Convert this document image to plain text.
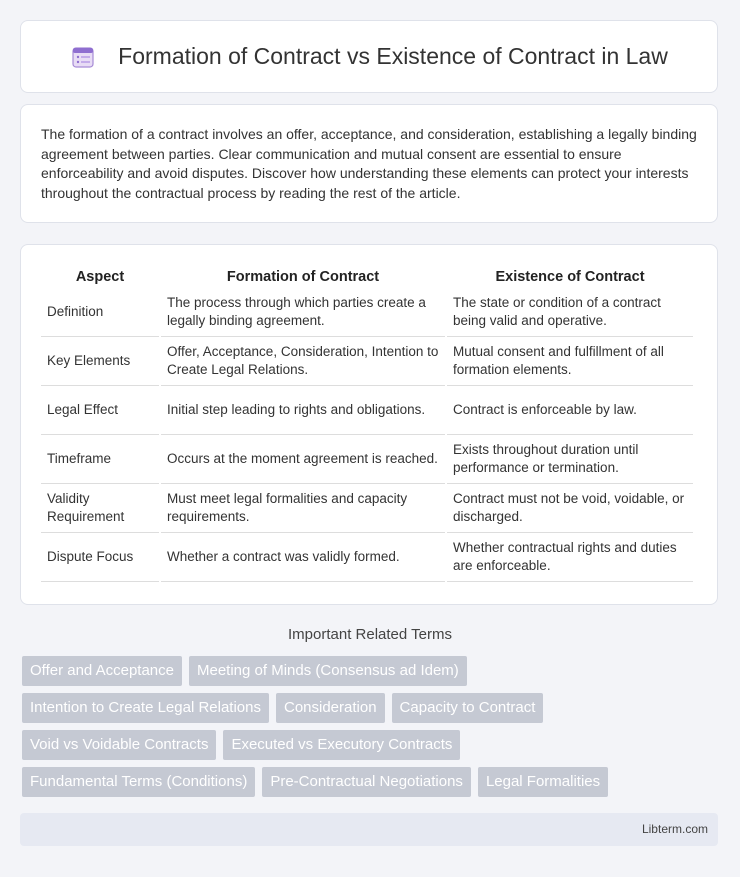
Formation of Contract vs Existence of Contract in Law

The formation of a contract involves an offer, acceptance, and consideration, establishing a legally binding agreement between parties. Clear communication and mutual consent are essential to ensure enforceability and avoid disputes. Discover how understanding these elements can protect your interests throughout the contractual process by reading the rest of the article.

Aspect	Formation of Contract	Existence of Contract
Definition	The process through which parties create a legally binding agreement.	The state or condition of a contract being valid and operative.
Key Elements	Offer, Acceptance, Consideration, Intention to Create Legal Relations.	Mutual consent and fulfillment of all formation elements.
Legal Effect	Initial step leading to rights and obligations.	Contract is enforceable by law.
Timeframe	Occurs at the moment agreement is reached.	Exists throughout duration until performance or termination.
Validity Requirement	Must meet legal formalities and capacity requirements.	Contract must not be void, voidable, or discharged.
Dispute Focus	Whether a contract was validly formed.	Whether contractual rights and duties are enforceable.
Important Related Terms
Offer and Acceptance	Meeting of Minds (Consensus ad Idem)
Intention to Create Legal Relations	Consideration	Capacity to Contract
Void vs Voidable Contracts	Executed vs Executory Contracts
Fundamental Terms (Conditions)	Pre-Contractual Negotiations	Legal Formalities
Libterm.com
